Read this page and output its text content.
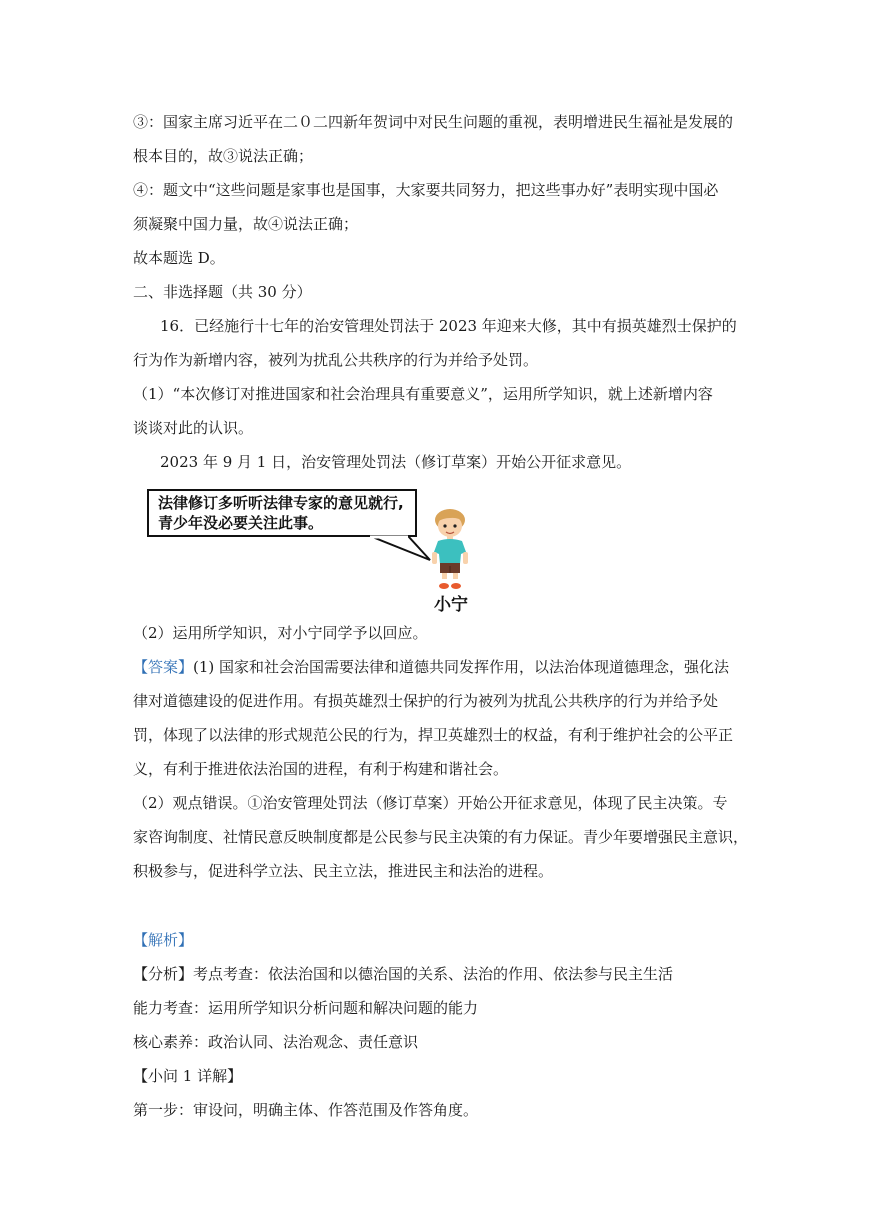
③：国家主席习近平在二０二四新年贺词中对民生问题的重视，表明增进民生福祉是发展的
根本目的，故③说法正确；
④：题文中“这些问题是家事也是国事，大家要共同努力，把这些事办好”表明实现中国必
须凝聚中国力量，故④说法正确；
故本题选 D。
二、非选择题（共 30 分）
16．已经施行十七年的治安管理处罚法于 2023 年迎来大修，其中有损英雄烈士保护的
行为作为新增内容，被列为扰乱公共秩序的行为并给予处罚。
（1）“本次修订对推进国家和社会治理具有重要意义”，运用所学知识，就上述新增内容
谈谈对此的认识。
2023 年 9 月 1 日，治安管理处罚法（修订草案）开始公开征求意见。
法律修订多听听法律专家的意见就行,
青少年没必要关注此事。
小宁
（2）运用所学知识，对小宁同学予以回应。
【答案】(1) 国家和社会治国需要法律和道德共同发挥作用，以法治体现道德理念，强化法
律对道德建设的促进作用。有损英雄烈士保护的行为被列为扰乱公共秩序的行为并给予处
罚，体现了以法律的形式规范公民的行为，捍卫英雄烈士的权益，有利于维护社会的公平正
义，有利于推进依法治国的进程，有利于构建和谐社会。
（2）观点错误。①治安管理处罚法（修订草案）开始公开征求意见，体现了民主决策。专
家咨询制度、社情民意反映制度都是公民参与民主决策的有力保证。青少年要增强民主意识，
积极参与，促进科学立法、民主立法，推进民主和法治的进程。
【解析】
【分析】考点考查：依法治国和以德治国的关系、法治的作用、依法参与民主生活
能力考查：运用所学知识分析问题和解决问题的能力
核心素养：政治认同、法治观念、责任意识
【小问 1 详解】
第一步：审设问，明确主体、作答范围及作答角度。
